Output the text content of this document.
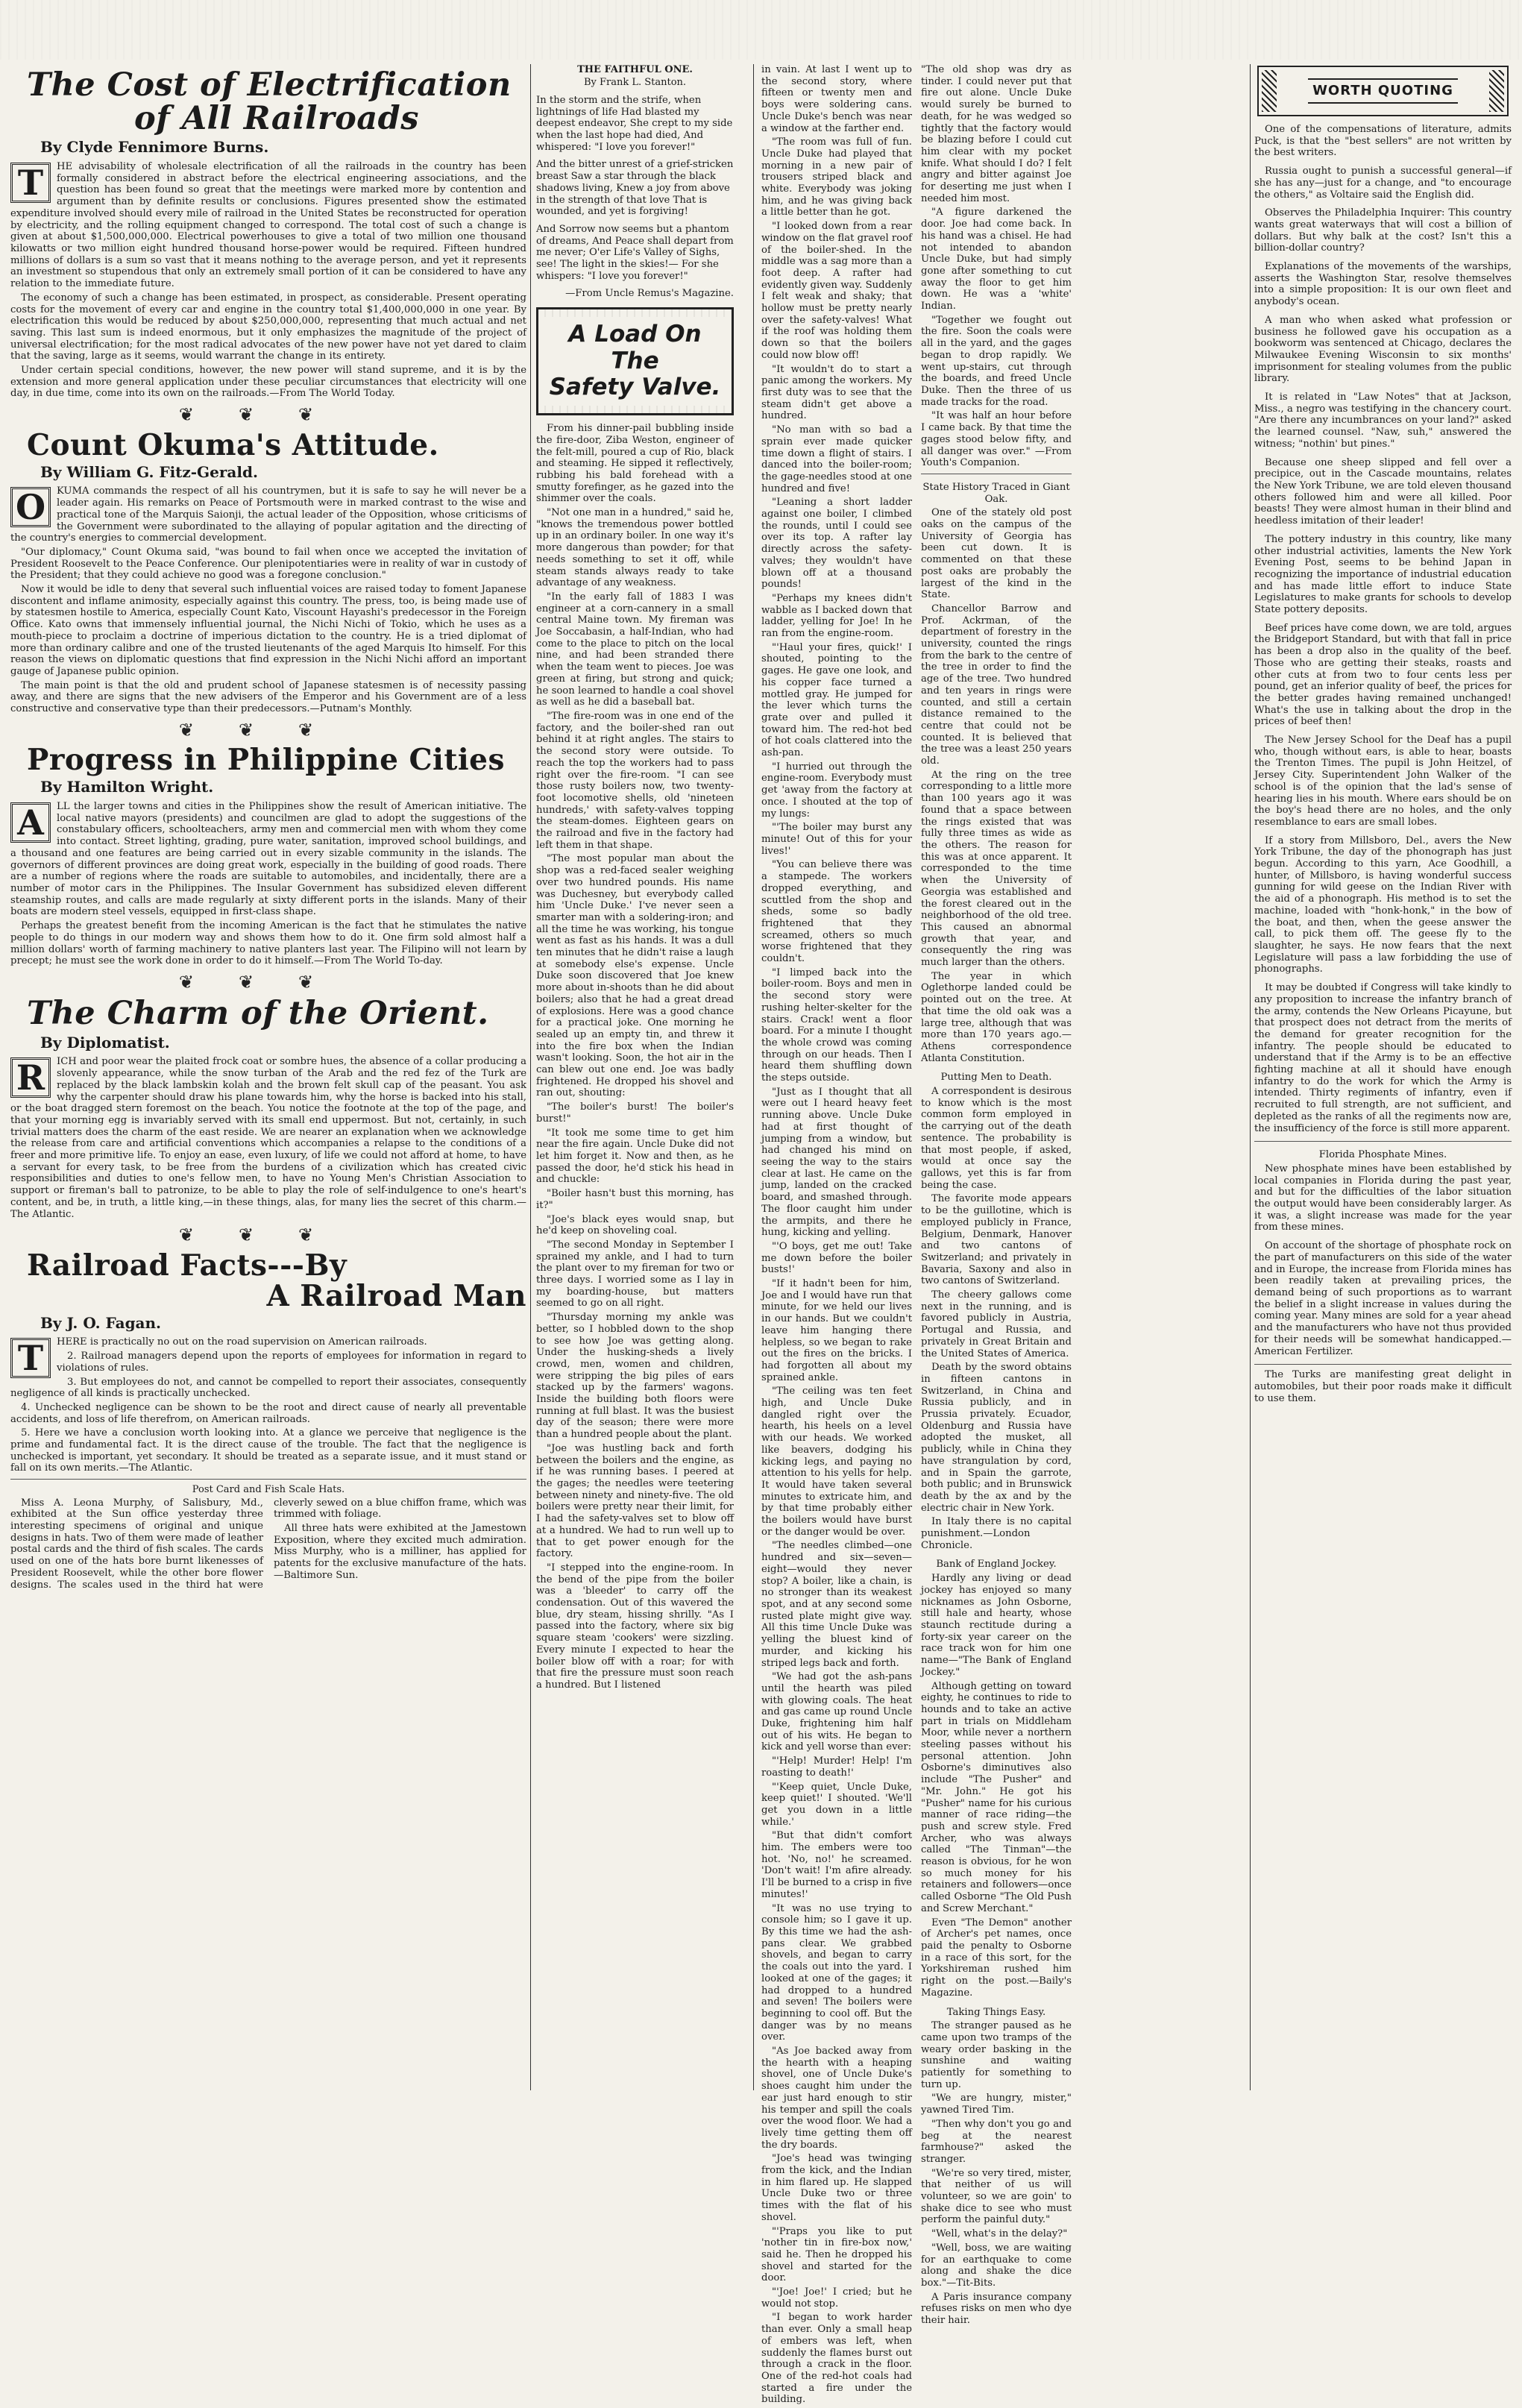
The Cost of Electrification
of All Railroads
By Clyde Fennimore Burns.
T	HE advisability of wholesale electrification of all the railroads in the country has been formally considered in abstract before the electrical engineering associations, and the question has been found so great that the meetings were marked more by contention and argument than by definite results or conclusions. Figures presented show the estimated expenditure involved should every mile of railroad in the United States be reconstructed for operation by electricity, and the rolling equipment changed to correspond. The total cost of such a change is given at about $1,500,000,000. Electrical powerhouses to give a total of two million one thousand kilowatts or two million eight hundred thousand horse-power would be required. Fifteen hundred millions of dollars is a sum so vast that it means nothing to the average person, and yet it represents an investment so stupendous that only an extremely small portion of it can be considered to have any relation to the immediate future.

The economy of such a change has been estimated, in prospect, as considerable. Present operating costs for the movement of every car and engine in the country total $1,400,000,000 in one year. By electrification this would be reduced by about $250,000,000, representing that much actual and net saving. This last sum is indeed enormous, but it only emphasizes the magnitude of the project of universal electrification; for the most radical advocates of the new power have not yet dared to claim that the saving, large as it seems, would warrant the change in its entirety.

Under certain special conditions, however, the new power will stand supreme, and it is by the extension and more general application under these peculiar circumstances that electricity will one day, in due time, come into its own on the railroads.—From The World Today.

❦❦❦
Count Okuma's Attitude.
By William G. Fitz-Gerald.
O	KUMA commands the respect of all his countrymen, but it is safe to say he will never be a leader again. His remarks on Peace of Portsmouth were in marked contrast to the wise and practical tone of the Marquis Saionji, the actual leader of the Opposition, whose criticisms of the Government were subordinated to the allaying of popular agitation and the directing of the country's energies to commercial development.

"Our diplomacy," Count Okuma said, "was bound to fail when once we accepted the invitation of President Roosevelt to the Peace Conference. Our plenipotentiaries were in reality of war in custody of the President; that they could achieve no good was a foregone conclusion."

Now it would be idle to deny that several such influential voices are raised today to foment Japanese discontent and inflame animosity, especially against this country. The press, too, is being made use of by statesmen hostile to America, especially Count Kato, Viscount Hayashi's predecessor in the Foreign Office. Kato owns that immensely influential journal, the Nichi Nichi of Tokio, which he uses as a mouth-piece to proclaim a doctrine of imperious dictation to the country. He is a tried diplomat of more than ordinary calibre and one of the trusted lieutenants of the aged Marquis Ito himself. For this reason the views on diplomatic questions that find expression in the Nichi Nichi afford an important gauge of Japanese public opinion.

The main point is that the old and prudent school of Japanese statesmen is of necessity passing away, and there are signs that the new advisers of the Emperor and his Government are of a less constructive and conservative type than their predecessors.—Putnam's Monthly.

❦❦❦
Progress in Philippine Cities
By Hamilton Wright.
A	LL the larger towns and cities in the Philippines show the result of American initiative. The local native mayors (presidents) and councilmen are glad to adopt the suggestions of the constabulary officers, schoolteachers, army men and commercial men with whom they come into contact. Street lighting, grading, pure water, sanitation, improved school buildings, and a thousand and one features are being carried out in every sizable community in the islands. The governors of different provinces are doing great work, especially in the building of good roads. There are a number of regions where the roads are suitable to automobiles, and incidentally, there are a number of motor cars in the Philippines. The Insular Government has subsidized eleven different steamship routes, and calls are made regularly at sixty different ports in the islands. Many of their boats are modern steel vessels, equipped in first-class shape.

Perhaps the greatest benefit from the incoming American is the fact that he stimulates the native people to do things in our modern way and shows them how to do it. One firm sold almost half a million dollars' worth of farming machinery to native planters last year. The Filipino will not learn by precept; he must see the work done in order to do it himself.—From The World To-day.

❦❦❦
The Charm of the Orient.
By Diplomatist.
R	ICH and poor wear the plaited frock coat or sombre hues, the absence of a collar producing a slovenly appearance, while the snow turban of the Arab and the red fez of the Turk are replaced by the black lambskin kolah and the brown felt skull cap of the peasant. You ask why the carpenter should draw his plane towards him, why the horse is backed into his stall, or the boat dragged stern foremost on the beach. You notice the footnote at the top of the page, and that your morning egg is invariably served with its small end uppermost. But not, certainly, in such trivial matters does the charm of the east reside. We are nearer an explanation when we acknowledge the release from care and artificial conventions which accompanies a relapse to the conditions of a freer and more primitive life. To enjoy an ease, even luxury, of life we could not afford at home, to have a servant for every task, to be free from the burdens of a civilization which has created civic responsibilities and duties to one's fellow men, to have no Young Men's Christian Association to support or fireman's ball to patronize, to be able to play the role of self-indulgence to one's heart's content, and be, in truth, a little king,—in these things, alas, for many lies the secret of this charm.—The Atlantic.

❦❦❦
Railroad Facts---By
A Railroad Man
By J. O. Fagan.
T	HERE is practically no out on the road supervision on American railroads.

2. Railroad managers depend upon the reports of employees for information in regard to violations of rules.

3. But employees do not, and cannot be compelled to report their associates, consequently negligence of all kinds is practically unchecked.

4. Unchecked negligence can be shown to be the root and direct cause of nearly all preventable accidents, and loss of life therefrom, on American railroads.

5. Here we have a conclusion worth looking into. At a glance we perceive that negligence is the prime and fundamental fact. It is the direct cause of the trouble. The fact that the negligence is unchecked is important, yet secondary. It should be treated as a separate issue, and it must stand or fall on its own merits.—The Atlantic.

Post Card and Fish Scale Hats.

Miss A. Leona Murphy, of Salisbury, Md., exhibited at the Sun office yesterday three interesting specimens of original and unique designs in hats. Two of them were made of leather postal cards and the third of fish scales. The cards used on one of the hats bore burnt likenesses of President Roosevelt, while the other bore flower designs. The scales used in the third hat were cleverly sewed on a blue chiffon frame, which was trimmed with foliage.

All three hats were exhibited at the Jamestown Exposition, where they excited much admiration. Miss Murphy, who is a milliner, has applied for patents for the exclusive manufacture of the hats.—Baltimore Sun.

THE FAITHFUL ONE.
By Frank L. Stanton.

In the storm and the strife, when lightnings of life Had blasted my deepest endeavor, She crept to my side when the last hope had died, And whispered: "I love you forever!"

And the bitter unrest of a grief-stricken breast Saw a star through the black shadows living, Knew a joy from above in the strength of that love That is wounded, and yet is forgiving!

And Sorrow now seems but a phantom of dreams, And Peace shall depart from me never; O'er Life's Valley of Sighs, see! The light in the skies!— For she whispers: "I love you forever!"

—From Uncle Remus's Magazine.

A Load On The
Safety Valve.

From his dinner-pail bubbling inside the fire-door, Ziba Weston, engineer of the felt-mill, poured a cup of Rio, black and steaming. He sipped it reflectively, rubbing his bald forehead with a smutty forefinger, as he gazed into the shimmer over the coals.

"Not one man in a hundred," said he, "knows the tremendous power bottled up in an ordinary boiler. In one way it's more dangerous than powder; for that needs something to set it off, while steam stands always ready to take advantage of any weakness.

"In the early fall of 1883 I was engineer at a corn-cannery in a small central Maine town. My fireman was Joe Soccabasin, a half-Indian, who had come to the place to pitch on the local nine, and had been stranded there when the team went to pieces. Joe was green at firing, but strong and quick; he soon learned to handle a coal shovel as well as he did a baseball bat.

"The fire-room was in one end of the factory, and the boiler-shed ran out behind it at right angles. The stairs to the second story were outside. To reach the top the workers had to pass right over the fire-room. "I can see those rusty boilers now, two twenty-foot locomotive shells, old 'nineteen hundreds,' with safety-valves topping the steam-domes. Eighteen gears on the railroad and five in the factory had left them in that shape.

"The most popular man about the shop was a red-faced sealer weighing over two hundred pounds. His name was Duchesney, but everybody called him 'Uncle Duke.' I've never seen a smarter man with a soldering-iron; and all the time he was working, his tongue went as fast as his hands. It was a dull ten minutes that he didn't raise a laugh at somebody else's expense. Uncle Duke soon discovered that Joe knew more about in-shoots than he did about boilers; also that he had a great dread of explosions. Here was a good chance for a practical joke. One morning he sealed up an empty tin, and threw it into the fire box when the Indian wasn't looking. Soon, the hot air in the can blew out one end. Joe was badly frightened. He dropped his shovel and ran out, shouting:

"The boiler's burst! The boiler's burst!"

"It took me some time to get him near the fire again. Uncle Duke did not let him forget it. Now and then, as he passed the door, he'd stick his head in and chuckle:

"Boiler hasn't bust this morning, has it?"

"Joe's black eyes would snap, but he'd keep on shoveling coal.

"The second Monday in September I sprained my ankle, and I had to turn the plant over to my fireman for two or three days. I worried some as I lay in my boarding-house, but matters seemed to go on all right.

"Thursday morning my ankle was better, so I hobbled down to the shop to see how Joe was getting along. Under the husking-sheds a lively crowd, men, women and children, were stripping the big piles of ears stacked up by the farmers' wagons. Inside the building both floors were running at full blast. It was the busiest day of the season; there were more than a hundred people about the plant.

"Joe was hustling back and forth between the boilers and the engine, as if he was running bases. I peered at the gages; the needles were teetering between ninety and ninety-five. The old boilers were pretty near their limit, for I had the safety-valves set to blow off at a hundred. We had to run well up to that to get power enough for the factory.

"I stepped into the engine-room. In the bend of the pipe from the boiler was a 'bleeder' to carry off the condensation. Out of this wavered the blue, dry steam, hissing shrilly. "As I passed into the factory, where six big square steam 'cookers' were sizzling. Every minute I expected to hear the boiler blow off with a roar; for with that fire the pressure must soon reach a hundred. But I listened

in vain. At last I went up to the second story, where fifteen or twenty men and boys were soldering cans. Uncle Duke's bench was near a window at the farther end.

"The room was full of fun. Uncle Duke had played that morning in a new pair of trousers striped black and white. Everybody was joking him, and he was giving back a little better than he got.

"I looked down from a rear window on the flat gravel roof of the boiler-shed. In the middle was a sag more than a foot deep. A rafter had evidently given way. Suddenly I felt weak and shaky; that hollow must be pretty nearly over the safety-valves! What if the roof was holding them down so that the boilers could now blow off!

"It wouldn't do to start a panic among the workers. My first duty was to see that the steam didn't get above a hundred.

"No man with so bad a sprain ever made quicker time down a flight of stairs. I danced into the boiler-room; the gage-needles stood at one hundred and five!

"Leaning a short ladder against one boiler, I climbed the rounds, until I could see over its top. A rafter lay directly across the safety-valves; they wouldn't have blown off at a thousand pounds!

"Perhaps my knees didn't wabble as I backed down that ladder, yelling for Joe! In he ran from the engine-room.

"'Haul your fires, quick!' I shouted, pointing to the gages. He gave one look, and his copper face turned a mottled gray. He jumped for the lever which turns the grate over and pulled it toward him. The red-hot bed of hot coals clattered into the ash-pan.

"I hurried out through the engine-room. Everybody must get 'away from the factory at once. I shouted at the top of my lungs:

"'The boiler may burst any minute! Out of this for your lives!'

"You can believe there was a stampede. The workers dropped everything, and scuttled from the shop and sheds, some so badly frightened that they screamed, others so much worse frightened that they couldn't.

"I limped back into the boiler-room. Boys and men in the second story were rushing helter-skelter for the stairs. Crack! went a floor board. For a minute I thought the whole crowd was coming through on our heads. Then I heard them shuffling down the steps outside.

"Just as I thought that all were out I heard heavy feet running above. Uncle Duke had at first thought of jumping from a window, but had changed his mind on seeing the way to the stairs clear at last. He came on the jump, landed on the cracked board, and smashed through. The floor caught him under the armpits, and there he hung, kicking and yelling.

"'O boys, get me out! Take me down before the boiler busts!'

"If it hadn't been for him, Joe and I would have run that minute, for we held our lives in our hands. But we couldn't leave him hanging there helpless, so we began to rake out the fires on the bricks. I had forgotten all about my sprained ankle.

"The ceiling was ten feet high, and Uncle Duke dangled right over the hearth, his heels on a level with our heads. We worked like beavers, dodging his kicking legs, and paying no attention to his yells for help. It would have taken several minutes to extricate him, and by that time probably either the boilers would have burst or the danger would be over.

"The needles climbed—one hundred and six—seven—eight—would they never stop? A boiler, like a chain, is no stronger than its weakest spot, and at any second some rusted plate might give way. All this time Uncle Duke was yelling the bluest kind of murder, and kicking his striped legs back and forth.

"We had got the ash-pans until the hearth was piled with glowing coals. The heat and gas came up round Uncle Duke, frightening him half out of his wits. He began to kick and yell worse than ever:

"'Help! Murder! Help! I'm roasting to death!'

"'Keep quiet, Uncle Duke, keep quiet!' I shouted. 'We'll get you down in a little while.'

"But that didn't comfort him. The embers were too hot. 'No, no!' he screamed. 'Don't wait! I'm afire already. I'll be burned to a crisp in five minutes!'

"It was no use trying to console him; so I gave it up. By this time we had the ash-pans clear. We grabbed shovels, and began to carry the coals out into the yard. I looked at one of the gages; it had dropped to a hundred and seven! The boilers were beginning to cool off. But the danger was by no means over.

"As Joe backed away from the hearth with a heaping shovel, one of Uncle Duke's shoes caught him under the ear just hard enough to stir his temper and spill the coals over the wood floor. We had a lively time getting them off the dry boards.

"Joe's head was twinging from the kick, and the Indian in him flared up. He slapped Uncle Duke two or three times with the flat of his shovel.

"'Praps you like to put 'nother tin in fire-box now,' said he. Then he dropped his shovel and started for the door.

"'Joe! Joe!' I cried; but he would not stop.

"I began to work harder than ever. Only a small heap of embers was left, when suddenly the flames burst out through a crack in the floor. One of the red-hot coals had started a fire under the building.

"The old shop was dry as tinder. I could never put that fire out alone. Uncle Duke would surely be burned to death, for he was wedged so tightly that the factory would be blazing before I could cut him clear with my pocket knife. What should I do? I felt angry and bitter against Joe for deserting me just when I needed him most.

"A figure darkened the door. Joe had come back. In his hand was a chisel. He had not intended to abandon Uncle Duke, but had simply gone after something to cut away the floor to get him down. He was a 'white' Indian.

"Together we fought out the fire. Soon the coals were all in the yard, and the gages began to drop rapidly. We went up-stairs, cut through the boards, and freed Uncle Duke. Then the three of us made tracks for the road.

"It was half an hour before I came back. By that time the gages stood below fifty, and all danger was over." —From Youth's Companion.

State History Traced in Giant Oak.

One of the stately old post oaks on the campus of the University of Georgia has been cut down. It is commented on that these post oaks are probably the largest of the kind in the State.

Chancellor Barrow and Prof. Ackrman, of the department of forestry in the university, counted the rings from the bark to the centre of the tree in order to find the age of the tree. Two hundred and ten years in rings were counted, and still a certain distance remained to the centre that could not be counted. It is believed that the tree was a least 250 years old.

At the ring on the tree corresponding to a little more than 100 years ago it was found that a space between the rings existed that was fully three times as wide as the others. The reason for this was at once apparent. It corresponded to the time when the University of Georgia was established and the forest cleared out in the neighborhood of the old tree. This caused an abnormal growth that year, and consequently the ring was much larger than the others.

The year in which Oglethorpe landed could be pointed out on the tree. At that time the old oak was a large tree, although that was more than 170 years ago.—Athens correspondence Atlanta Constitution.

Putting Men to Death.

A correspondent is desirous to know which is the most common form employed in the carrying out of the death sentence. The probability is that most people, if asked, would at once say the gallows, yet this is far from being the case.

The favorite mode appears to be the guillotine, which is employed publicly in France, Belgium, Denmark, Hanover and two cantons of Switzerland; and privately in Bavaria, Saxony and also in two cantons of Switzerland.

The cheery gallows come next in the running, and is favored publicly in Austria, Portugal and Russia, and privately in Great Britain and the United States of America.

Death by the sword obtains in fifteen cantons in Switzerland, in China and Russia publicly, and in Prussia privately. Ecuador, Oldenburg and Russia have adopted the musket, all publicly, while in China they have strangulation by cord, and in Spain the garrote, both public; and in Brunswick death by the ax and by the electric chair in New York.

In Italy there is no capital punishment.—London Chronicle.

Bank of England Jockey.

Hardly any living or dead jockey has enjoyed so many nicknames as John Osborne, still hale and hearty, whose staunch rectitude during a forty-six year career on the race track won for him one name—"The Bank of England Jockey."

Although getting on toward eighty, he continues to ride to hounds and to take an active part in trials on Middleham Moor, while never a northern steeling passes without his personal attention. John Osborne's diminutives also include "The Pusher" and "Mr. John." He got his "Pusher" name for his curious manner of race riding—the push and screw style. Fred Archer, who was always called "The Tinman"—the reason is obvious, for he won so much money for his retainers and followers—once called Osborne "The Old Push and Screw Merchant."

Even "The Demon" another of Archer's pet names, once paid the penalty to Osborne in a race of this sort, for the Yorkshireman rushed him right on the post.—Baily's Magazine.

Taking Things Easy.

The stranger paused as he came upon two tramps of the weary order basking in the sunshine and waiting patiently for something to turn up.

"We are hungry, mister," yawned Tired Tim.

"Then why don't you go and beg at the nearest farmhouse?" asked the stranger.

"We're so very tired, mister, that neither of us will volunteer, so we are goin' to shake dice to see who must perform the painful duty."

"Well, what's in the delay?"

"Well, boss, we are waiting for an earthquake to come along and shake the dice box."—Tit-Bits.

A Paris insurance company refuses risks on men who dye their hair.

WORTH QUOTING

One of the compensations of literature, admits Puck, is that the "best sellers" are not written by the best writers.

Russia ought to punish a successful general—if she has any—just for a change, and "to encourage the others," as Voltaire said the English did.

Observes the Philadelphia Inquirer: This country wants great waterways that will cost a billion of dollars. But why balk at the cost? Isn't this a billion-dollar country?

Explanations of the movements of the warships, asserts the Washington Star, resolve themselves into a simple proposition: It is our own fleet and anybody's ocean.

A man who when asked what profession or business he followed gave his occupation as a bookworm was sentenced at Chicago, declares the Milwaukee Evening Wisconsin to six months' imprisonment for stealing volumes from the public library.

It is related in "Law Notes" that at Jackson, Miss., a negro was testifying in the chancery court. "Are there any incumbrances on your land?" asked the learned counsel. "Naw, suh," answered the witness; "nothin' but pines."

Because one sheep slipped and fell over a precipice, out in the Cascade mountains, relates the New York Tribune, we are told eleven thousand others followed him and were all killed. Poor beasts! They were almost human in their blind and heedless imitation of their leader!

The pottery industry in this country, like many other industrial activities, laments the New York Evening Post, seems to be behind Japan in recognizing the importance of industrial education and has made little effort to induce State Legislatures to make grants for schools to develop State pottery deposits.

Beef prices have come down, we are told, argues the Bridgeport Standard, but with that fall in price has been a drop also in the quality of the beef. Those who are getting their steaks, roasts and other cuts at from two to four cents less per pound, get an inferior quality of beef, the prices for the better grades having remained unchanged! What's the use in talking about the drop in the prices of beef then!

The New Jersey School for the Deaf has a pupil who, though without ears, is able to hear, boasts the Trenton Times. The pupil is John Heitzel, of Jersey City. Superintendent John Walker of the school is of the opinion that the lad's sense of hearing lies in his mouth. Where ears should be on the boy's head there are no holes, and the only resemblance to ears are small lobes.

If a story from Millsboro, Del., avers the New York Tribune, the day of the phonograph has just begun. According to this yarn, Ace Goodhill, a hunter, of Millsboro, is having wonderful success gunning for wild geese on the Indian River with the aid of a phonograph. His method is to set the machine, loaded with "honk-honk," in the bow of the boat, and then, when the geese answer the call, to pick them off. The geese fly to the slaughter, he says. He now fears that the next Legislature will pass a law forbidding the use of phonographs.

It may be doubted if Congress will take kindly to any proposition to increase the infantry branch of the army, contends the New Orleans Picayune, but that prospect does not detract from the merits of the demand for greater recognition for the infantry. The people should be educated to understand that if the Army is to be an effective fighting machine at all it should have enough infantry to do the work for which the Army is intended. Thirty regiments of infantry, even if recruited to full strength, are not sufficient, and depleted as the ranks of all the regiments now are, the insufficiency of the force is still more apparent.

Florida Phosphate Mines.

New phosphate mines have been established by local companies in Florida during the past year, and but for the difficulties of the labor situation the output would have been considerably larger. As it was, a slight increase was made for the year from these mines.

On account of the shortage of phosphate rock on the part of manufacturers on this side of the water and in Europe, the increase from Florida mines has been readily taken at prevailing prices, the demand being of such proportions as to warrant the belief in a slight increase in values during the coming year. Many mines are sold for a year ahead and the manufacturers who have not thus provided for their needs will be somewhat handicapped.—American Fertilizer.

The Turks are manifesting great delight in automobiles, but their poor roads make it difficult to use them.
